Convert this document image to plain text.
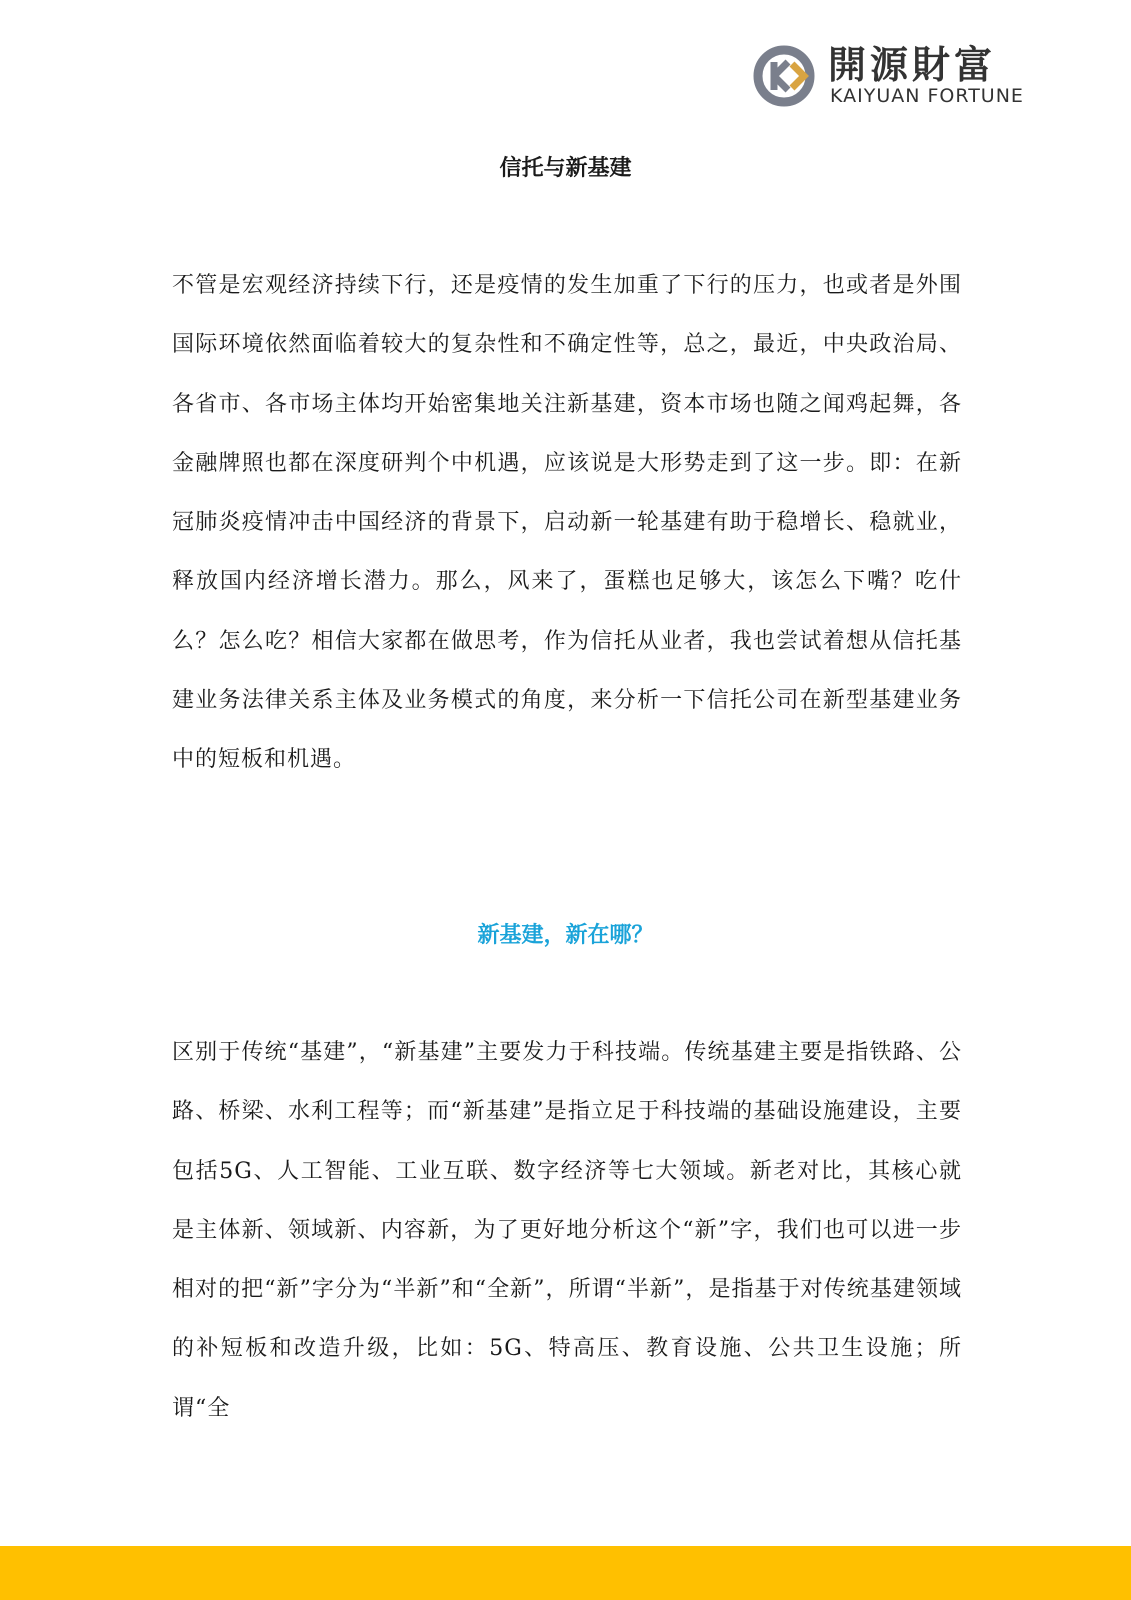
開源財富
KAIYUAN FORTUNE
信托与新基建

不管是宏观经济持续下行，还是疫情的发生加重了下行的压力，也或者是外围国际环境依然面临着较大的复杂性和不确定性等，总之，最近，中央政治局、各省市、各市场主体均开始密集地关注新基建，资本市场也随之闻鸡起舞，各金融牌照也都在深度研判个中机遇，应该说是大形势走到了这一步。即：在新冠肺炎疫情冲击中国经济的背景下，启动新一轮基建有助于稳增长、稳就业，释放国内经济增长潜力。那么，风来了，蛋糕也足够大，该怎么下嘴？吃什么？怎么吃？相信大家都在做思考，作为信托从业者，我也尝试着想从信托基建业务法律关系主体及业务模式的角度，来分析一下信托公司在新型基建业务中的短板和机遇。

新基建，新在哪？

区别于传统“基建”，“新基建”主要发力于科技端。传统基建主要是指铁路、公路、桥梁、水利工程等；而“新基建”是指立足于科技端的基础设施建设，主要包括5G、人工智能、工业互联、数字经济等七大领域。新老对比，其核心就是主体新、领域新、内容新，为了更好地分析这个“新”字，我们也可以进一步相对的把“新”字分为“半新”和“全新”，所谓“半新”，是指基于对传统基建领域的补短板和改造升级，比如：5G、特高压、教育设施、公共卫生设施；所谓“全
